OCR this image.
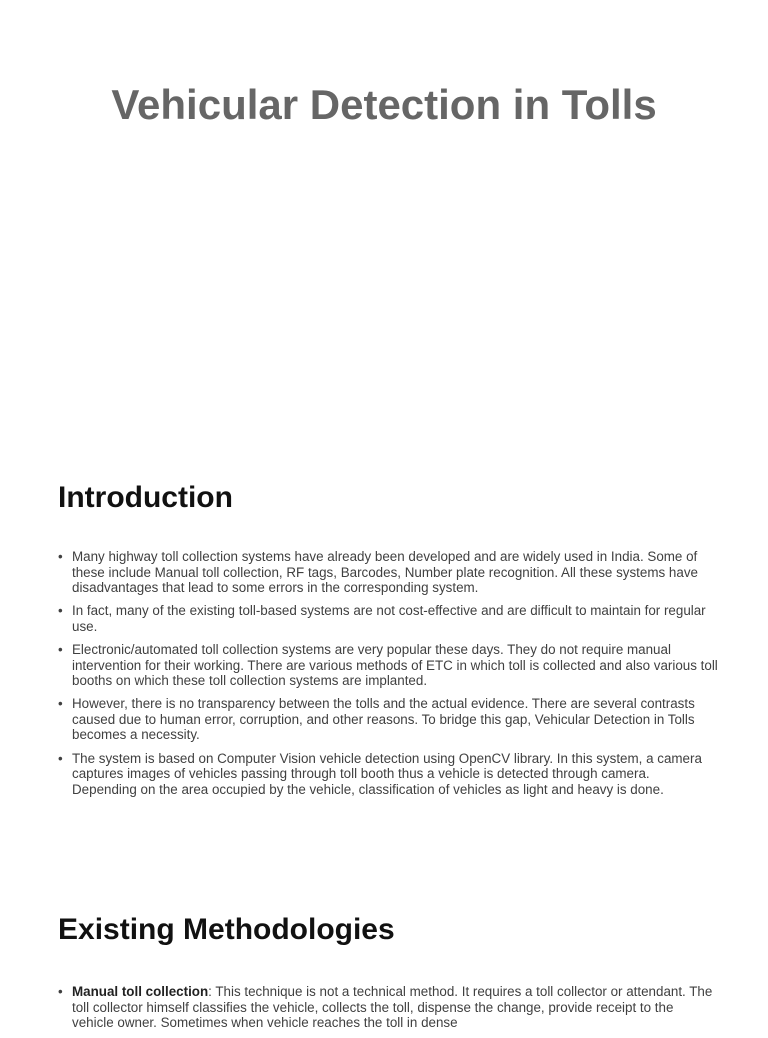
Vehicular Detection in Tolls
Introduction
• Many highway toll collection systems have already been developed and are widely used in India. Some of these include Manual toll collection, RF tags, Barcodes, Number plate recognition. All these systems have disadvantages that lead to some errors in the corresponding system.
• In fact, many of the existing toll-based systems are not cost-effective and are difficult to maintain for regular use.
• Electronic/automated toll collection systems are very popular these days. They do not require manual intervention for their working. There are various methods of ETC in which toll is collected and also various toll booths on which these toll collection systems are implanted.
• However, there is no transparency between the tolls and the actual evidence. There are several contrasts caused due to human error, corruption, and other reasons. To bridge this gap, Vehicular Detection in Tolls becomes a necessity.
• The system is based on Computer Vision vehicle detection using OpenCV library. In this system, a camera captures images of vehicles passing through toll booth thus a vehicle is detected through camera. Depending on the area occupied by the vehicle, classification of vehicles as light and heavy is done.
Existing Methodologies
• Manual toll collection: This technique is not a technical method. It requires a toll collector or attendant. The toll collector himself classifies the vehicle, collects the toll, dispense the change, provide receipt to the vehicle owner. Sometimes when vehicle reaches the toll in dense
